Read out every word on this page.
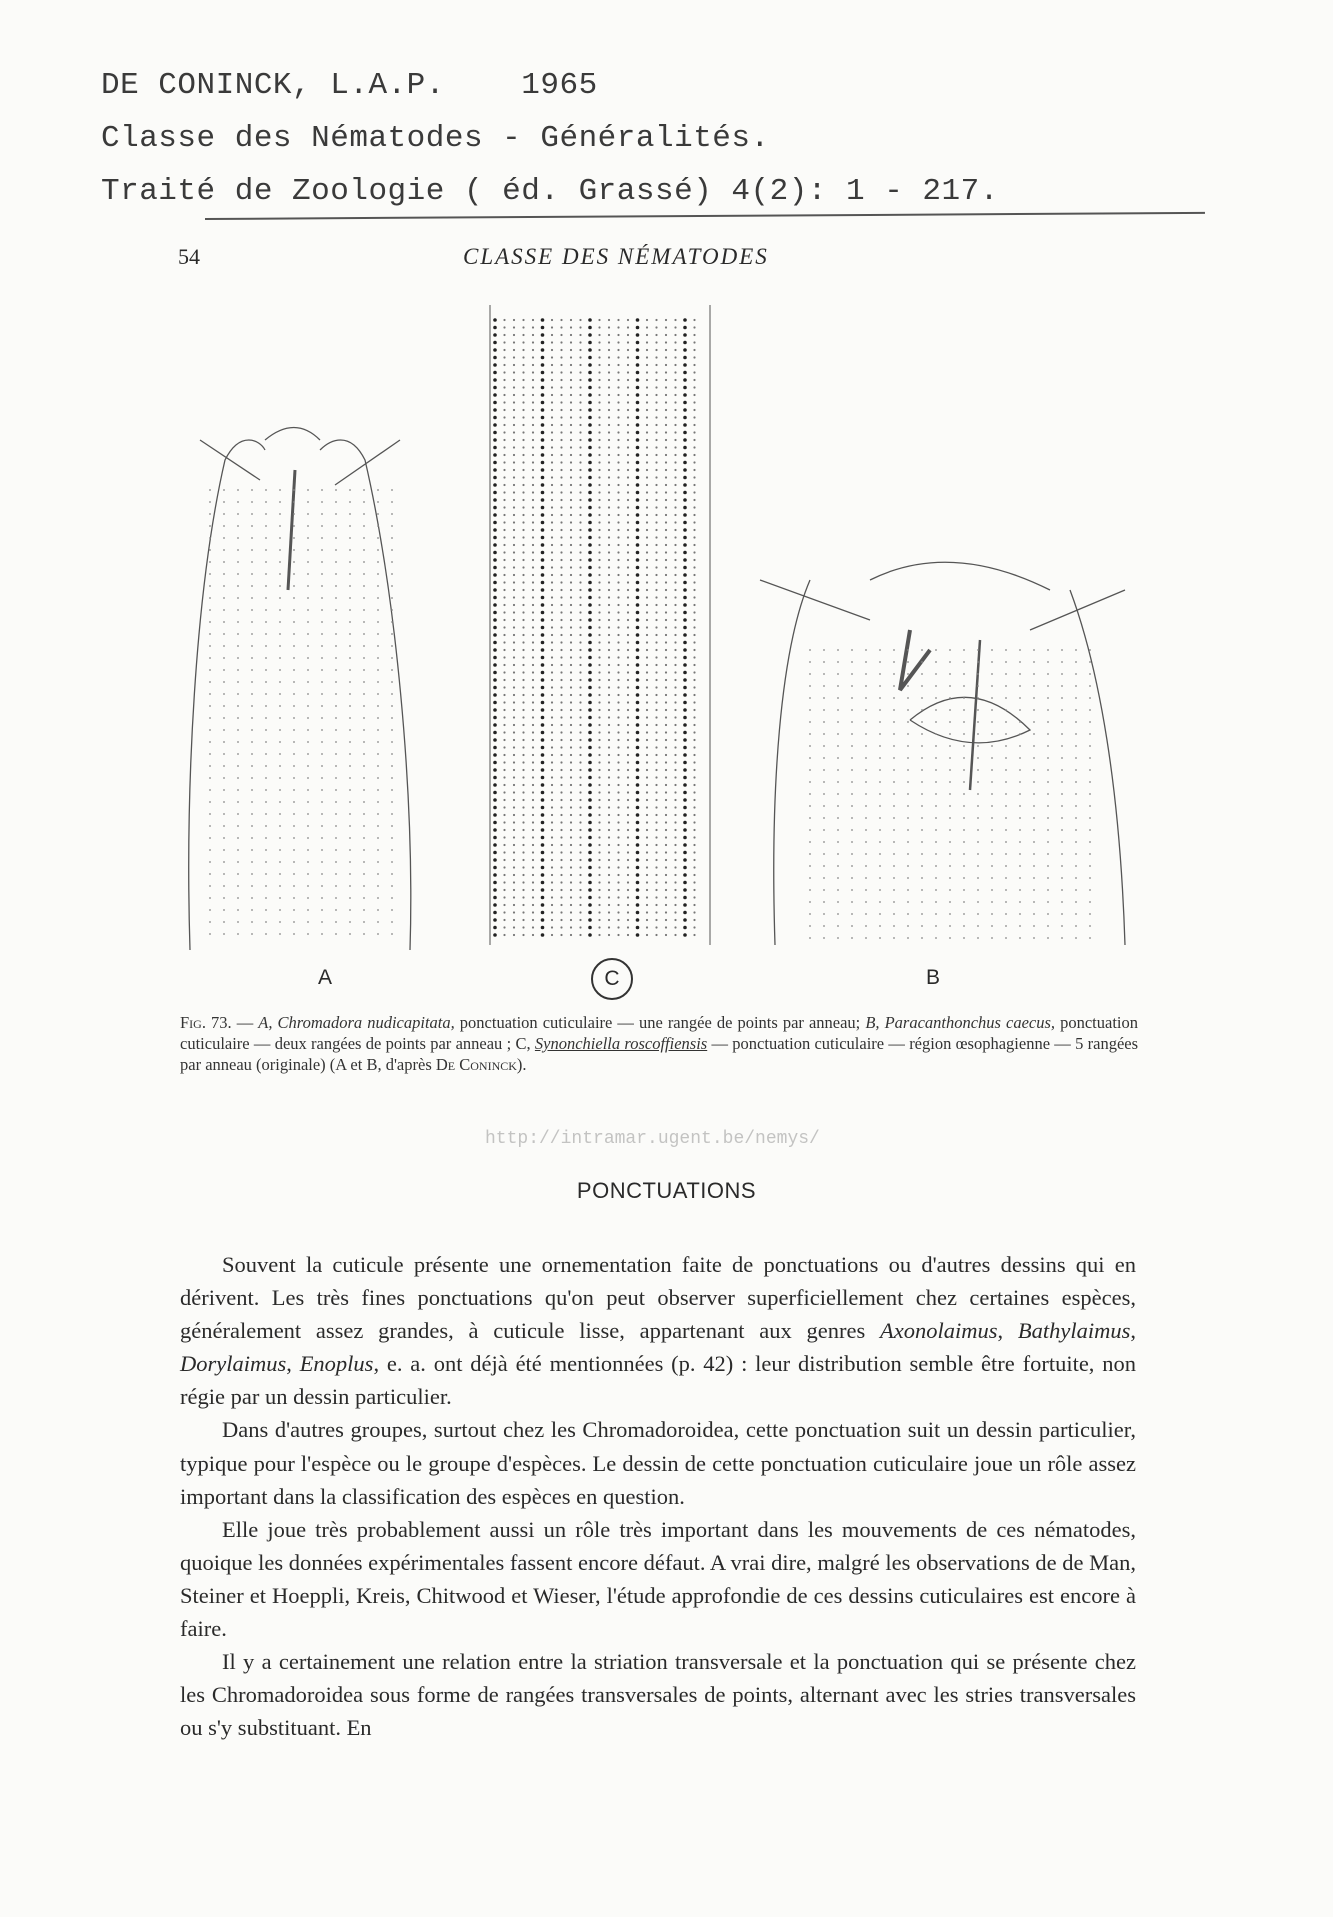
DE CONINCK, L.A.P.    1965
Classe des Nématodes - Généralités.
Traité de Zoologie ( éd. Grassé) 4(2): 1 - 217.
54	CLASSE DES NÉMATODES
A	C	B
Fig. 73. — A, Chromadora nudicapitata, ponctuation cuticulaire — une rangée de points par anneau; B, Paracanthonchus caecus, ponctuation cuticulaire — deux rangées de points par anneau ; C, Synonchiella roscoffiensis — ponctuation cuticulaire — région œsophagienne — 5 rangées par anneau (originale) (A et B, d'après De Coninck).
http://intramar.ugent.be/nemys/
PONCTUATIONS

Souvent la cuticule présente une ornementation faite de ponctuations ou d'autres dessins qui en dérivent. Les très fines ponctuations qu'on peut observer superficiellement chez certaines espèces, généralement assez grandes, à cuticule lisse, appartenant aux genres Axonolaimus, Bathylaimus, Dorylaimus, Enoplus, e. a. ont déjà été mentionnées (p. 42) : leur distribution semble être fortuite, non régie par un dessin particulier.

Dans d'autres groupes, surtout chez les Chromadoroidea, cette ponctuation suit un dessin particulier, typique pour l'espèce ou le groupe d'espèces. Le dessin de cette ponctuation cuticulaire joue un rôle assez important dans la classification des espèces en question.

Elle joue très probablement aussi un rôle très important dans les mouvements de ces nématodes, quoique les données expérimentales fassent encore défaut. A vrai dire, malgré les observations de de Man, Steiner et Hoeppli, Kreis, Chitwood et Wieser, l'étude approfondie de ces dessins cuticulaires est encore à faire.

Il y a certainement une relation entre la striation transversale et la ponctuation qui se présente chez les Chromadoroidea sous forme de rangées transversales de points, alternant avec les stries transversales ou s'y substituant. En
